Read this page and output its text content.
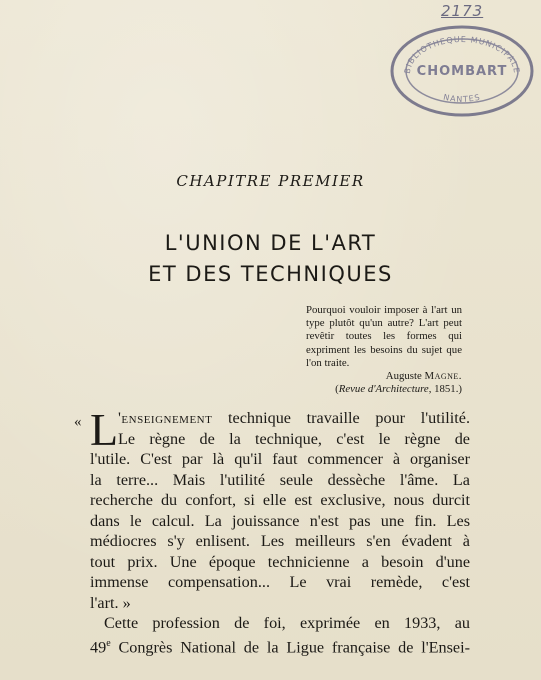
2173
BIBLIOTHEQUE MUNICIPALE
CHOMBART
NANTES
CHAPITRE PREMIER
L'UNION DE L'ART
ET DES TECHNIQUES
Pourquoi vouloir imposer à l'art un type plutôt qu'un autre? L'art peut revêtir toutes les formes qui expriment les besoins du sujet que l'on traite.
Auguste Magne.
(Revue d'Architecture, 1851.)
« L 'enseignement technique travaille pour l'utilité.
Le règne de la technique, c'est le règne de
l'utile. C'est par là qu'il faut commencer à organiser
la terre... Mais l'utilité seule dessèche l'âme. La
recherche du confort, si elle est exclusive, nous durcit
dans le calcul. La jouissance n'est pas une fin. Les
médiocres s'y enlisent. Les meilleurs s'en évadent à
tout prix. Une époque technicienne a besoin d'une
immense compensation... Le vrai remède, c'est
l'art. »
Cette profession de foi, exprimée en 1933, au
49e Congrès National de la Ligue française de l'Ensei-
